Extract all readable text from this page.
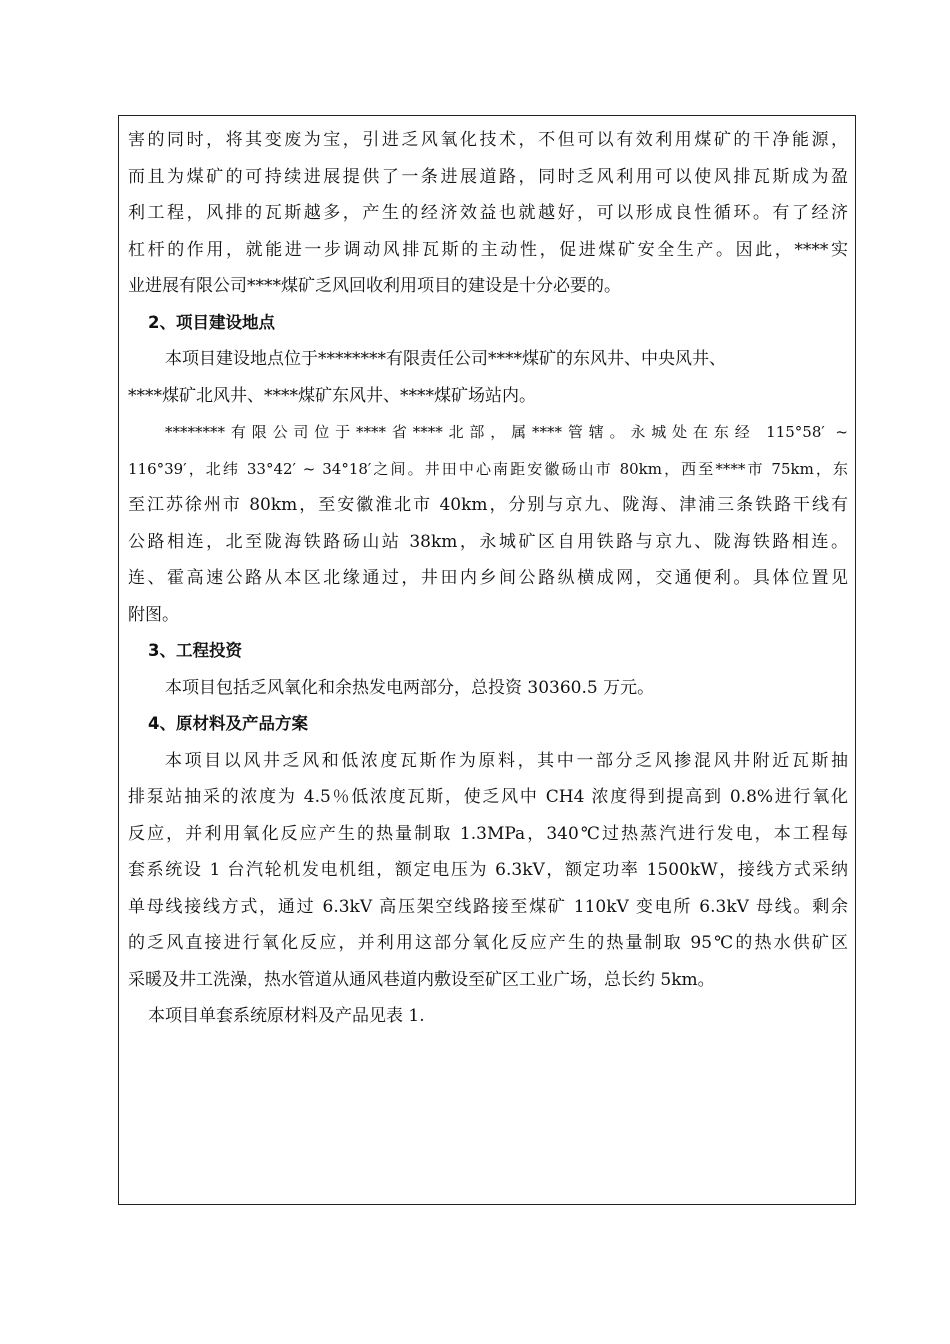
害的同时，将其变废为宝，引进乏风氧化技术，不但可以有效利用煤矿的干净能源，
而且为煤矿的可持续进展提供了一条进展道路，同时乏风利用可以使风排瓦斯成为盈
利工程，风排的瓦斯越多，产生的经济效益也就越好，可以形成良性循环。有了经济
杠杆的作用，就能进一步调动风排瓦斯的主动性，促进煤矿安全生产。因此，****实
业进展有限公司****煤矿乏风回收利用项目的建设是十分必要的。
2、项目建设地点
本项目建设地点位于********有限责任公司****煤矿的东风井、中央风井、
****煤矿北风井、****煤矿东风井、****煤矿场站内。
********有限公司位于****省****北部，属****管辖。永城处在东经 115°58′ ~
116°39′，北纬 33°42′ ~ 34°18′之间。井田中心南距安徽砀山市 80km，西至****市 75km，东
至江苏徐州市 80km，至安徽淮北市 40km，分别与京九、陇海、津浦三条铁路干线有
公路相连，北至陇海铁路砀山站 38km，永城矿区自用铁路与京九、陇海铁路相连。
连、霍高速公路从本区北缘通过，井田内乡间公路纵横成网，交通便利。具体位置见
附图。
3、工程投资
本项目包括乏风氧化和余热发电两部分，总投资 30360.5 万元。
4、原材料及产品方案
本项目以风井乏风和低浓度瓦斯作为原料，其中一部分乏风掺混风井附近瓦斯抽
排泵站抽采的浓度为 4.5％低浓度瓦斯，使乏风中 CH4 浓度得到提高到 0.8%进行氧化
反应，并利用氧化反应产生的热量制取 1.3MPa，340℃过热蒸汽进行发电，本工程每
套系统设 1 台汽轮机发电机组，额定电压为 6.3kV，额定功率 1500kW，接线方式采纳
单母线接线方式，通过 6.3kV 高压架空线路接至煤矿 110kV 变电所 6.3kV 母线。剩余
的乏风直接进行氧化反应，并利用这部分氧化反应产生的热量制取 95℃的热水供矿区
采暖及井工洗澡，热水管道从通风巷道内敷设至矿区工业广场，总长约 5km。
本项目单套系统原材料及产品见表 1.
